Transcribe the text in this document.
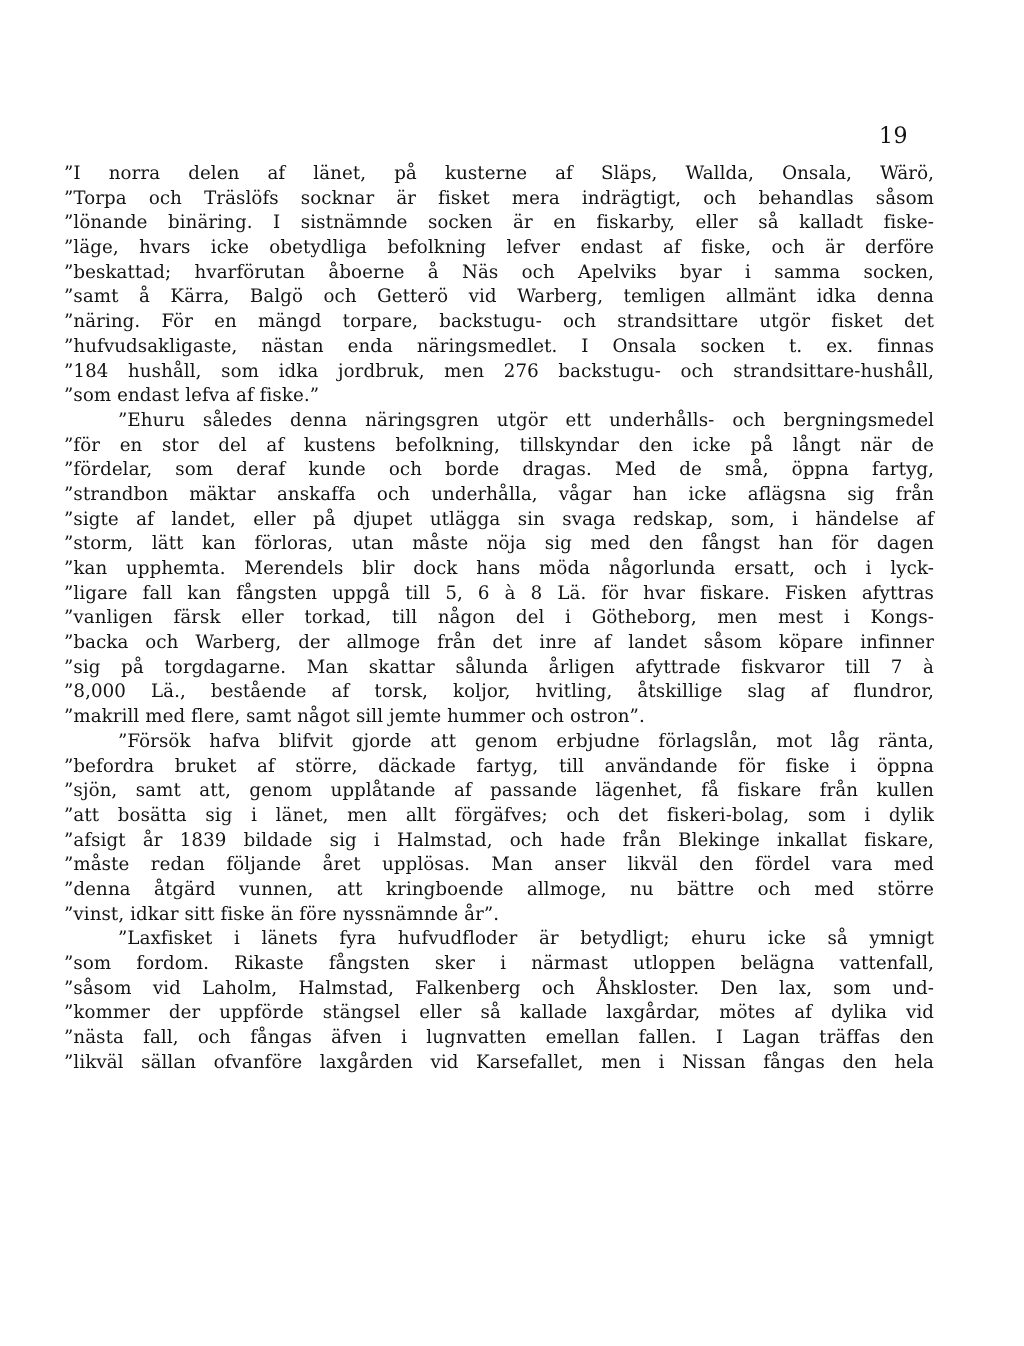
19
”I norra delen af länet, på kusterne af Släps, Wallda, Onsala, Wärö,
”Torpa och Träslöfs socknar är fisket mera indrägtigt, och behandlas såsom
”lönande binäring. I sistnämnde socken är en fiskarby, eller så kalladt fiske-
”läge, hvars icke obetydliga befolkning lefver endast af fiske, och är derföre
”beskattad; hvarförutan åboerne å Näs och Apelviks byar i samma socken,
”samt å Kärra, Balgö och Getterö vid Warberg, temligen allmänt idka denna
”näring. För en mängd torpare, backstugu- och strandsittare utgör fisket det
”hufvudsakligaste, nästan enda näringsmedlet. I Onsala socken t. ex. finnas
”184 hushåll, som idka jordbruk, men 276 backstugu- och strandsittare-hushåll,
”som endast lefva af fiske.”
”Ehuru således denna näringsgren utgör ett underhålls- och bergningsmedel
”för en stor del af kustens befolkning, tillskyndar den icke på långt när de
”fördelar, som deraf kunde och borde dragas. Med de små, öppna fartyg,
”strandbon mäktar anskaffa och underhålla, vågar han icke aflägsna sig från
”sigte af landet, eller på djupet utlägga sin svaga redskap, som, i händelse af
”storm, lätt kan förloras, utan måste nöja sig med den fångst han för dagen
”kan upphemta. Merendels blir dock hans möda någorlunda ersatt, och i lyck-
”ligare fall kan fångsten uppgå till 5, 6 à 8 Lä. för hvar fiskare. Fisken afyttras
”vanligen färsk eller torkad, till någon del i Götheborg, men mest i Kongs-
”backa och Warberg, der allmoge från det inre af landet såsom köpare infinner
”sig på torgdagarne. Man skattar sålunda årligen afyttrade fiskvaror till 7 à
”8,000 Lä., bestående af torsk, koljor, hvitling, åtskillige slag af flundror,
”makrill med flere, samt något sill jemte hummer och ostron”.
”Försök hafva blifvit gjorde att genom erbjudne förlagslån, mot låg ränta,
”befordra bruket af större, däckade fartyg, till användande för fiske i öppna
”sjön, samt att, genom upplåtande af passande lägenhet, få fiskare från kullen
”att bosätta sig i länet, men allt förgäfves; och det fiskeri-bolag, som i dylik
”afsigt år 1839 bildade sig i Halmstad, och hade från Blekinge inkallat fiskare,
”måste redan följande året upplösas. Man anser likväl den fördel vara med
”denna åtgärd vunnen, att kringboende allmoge, nu bättre och med större
”vinst, idkar sitt fiske än före nyssnämnde år”.
”Laxfisket i länets fyra hufvudfloder är betydligt; ehuru icke så ymnigt
”som fordom. Rikaste fångsten sker i närmast utloppen belägna vattenfall,
”såsom vid Laholm, Halmstad, Falkenberg och Åhskloster. Den lax, som und-
”kommer der uppförde stängsel eller så kallade laxgårdar, mötes af dylika vid
”nästa fall, och fångas äfven i lugnvatten emellan fallen. I Lagan träffas den
”likväl sällan ofvanföre laxgården vid Karsefallet, men i Nissan fångas den hela
